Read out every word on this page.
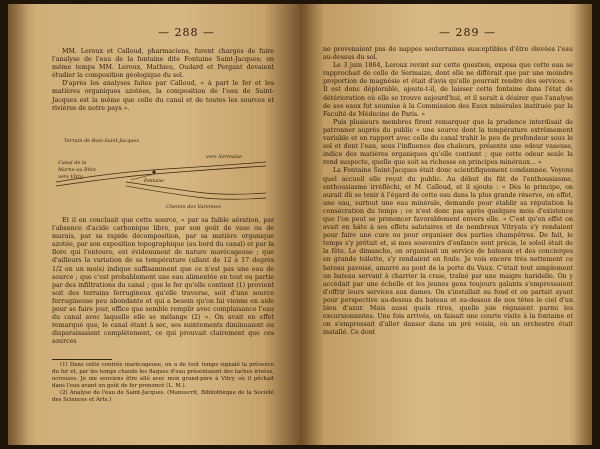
— 288 —

MM. Leroux et Calloud, pharmaciens, furent chargés de faire l'analyse de l'eau de la fontaine dite Fontaine Saint-Jacques; en même temps MM. Leroux, Mathieu, Oudard et Pergant devaient étudier la composition géologique du sol.

D'après les analyses faites par Calloud, « à part le fer et les matières organiques azotées, la composition de l'eau de Saint-Jacques est la même que celle du canal et de toutes les sources et rivières de notre pays ».

Terrain de Bois-Saint-Jacques
Canal de la
Marne au Rhin
vers Vitry
Fontaine
vers Sermaize
Chemin des Varennes

Et il en concluait que cette source, « par sa faible aération, par l'absence d'acide carbonique libre, par son goût de vase ou de marais, par sa rapide décomposition, par sa matière organique azotée, par son exposition topographique (au bord du canal) et par la flore qui l'entoure, est évidemment de nature marécageuse ; que d'ailleurs la variation de sa température (allant de 12 à 17 degrés 1/2 en un mois) indique suffisamment que ce n'est pas une eau de source ; que c'est probablement une eau alimentée en tout ou partie par des infiltrations du canal ; que le fer qu'elle contient (1) provient soit des terrains ferrugineux qu'elle traverse, soit d'une source ferrugineuse peu abondante et qui a besoin qu'on lui vienne en aide pour se faire jour, office que semble remplir avec complaisance l'eau du canal avec laquelle elle se mélange (2) ». On avait en effet remarqué que, le canal étant à sec, ses suintements diminuaient ou disparaissaient complètement, ce qui prouvait clairement que ces sources

(1) Dans cette contrée marécageuse, on a de tout temps signalé la présence du fer et, par les temps chauds les flaques d'eau présentaient des taches irisées, ocreuses. Je me souviens être allé avec mon grand-père à Vitry, où il pêchait dans l'eau avant un goût de fer prononcé (L. M.).

(2) Analyse de l'eau de Saint-Jacques. (Manuscrit, Bibliothèque de la Société des Sciences et Arts.)

— 289 —

ne provenaient pas de nappes souterraines susceptibles d'être élevées l'eau au-dessus du sol.

Le 3 juin 1864, Leroux revint sur cette question, exposa que cette eau se rapprochait de celle de Sermaize, dont elle ne différait que par une moindre proportion de magnésie et était d'avis qu'elle pourrait rendre des services. « Il est donc déplorable, ajoute-t-il, de laisser cette fontaine dans l'état de détérioration où elle se trouve aujourd'hui, et il serait à désirer que l'analyse de ses eaux fut soumise à la Commission des Eaux minérales instituée par la Faculté de Médecine de Paris. »

Puis plusieurs membres firent remarquer que la prudence interdisait de patronner auprès du public « une source dont la température extrêmement variable et en rapport avec celle du canal trahit le peu de profondeur sous le sol et dont l'eau, sous l'influence des chaleurs, présente une odeur vaseuse, indice des matières organiques qu'elle contient ; que cette odeur seule la rend suspecte, quelle que soit sa richesse en principes minéraux... »

La Fontaine Saint-Jacques était donc scientifiquement condamnée. Voyons quel accueil elle reçut du public. Au début du fût de l'enthousiasme, enthousiasme irréfléchi, et M. Calloud, et il ajoute : « Dès le principe, on aurait dû se tenir à l'égard de cette eau dans la plus grande réserve, on effet, une eau, surtout une eau minérale, demande pour établir sa réputation la consécration du temps ; ce n'est donc pas après quelques mois d'existence que l'on peut se prononcer favorablement envers elle. » C'est qu'en effet on avait en hâte à ses effets salutaires et de nombreux Vitryats s'y rendaient pour faire une cure ou pour organiser des parties champêtres. De fait, le temps s'y prêtait et, si mes souvenirs d'enfance sont précis, le soleil était de la fête. Le dimanche, on organisait un service de bateaux et des concierges en grande toilette, s'y rendaient en foule. Je vois encore très nettement ce bateau pavoisé, amarré au pont de la porte du Vaux. C'était tout simplement un bateau servant à charrier la craie, traîné par une maigre haridelle. On y accédait par une échelle et les jeunes gens toujours galants s'empressaient d'offrir leurs services aux dames. On s'installait au fond et on partait ayant pour perspective au-dessus du bateau et au-dessus de nos têtes le ciel d'un bleu d'azur. Mais aussi quels rires, quelle joie régnaient parmi les excursionnistes. Une fois arrivés, on faisait une courte visite à la fontaine et on s'empressait d'aller danser dans un pré voisin, où un orchestre était installé. Ce dont
